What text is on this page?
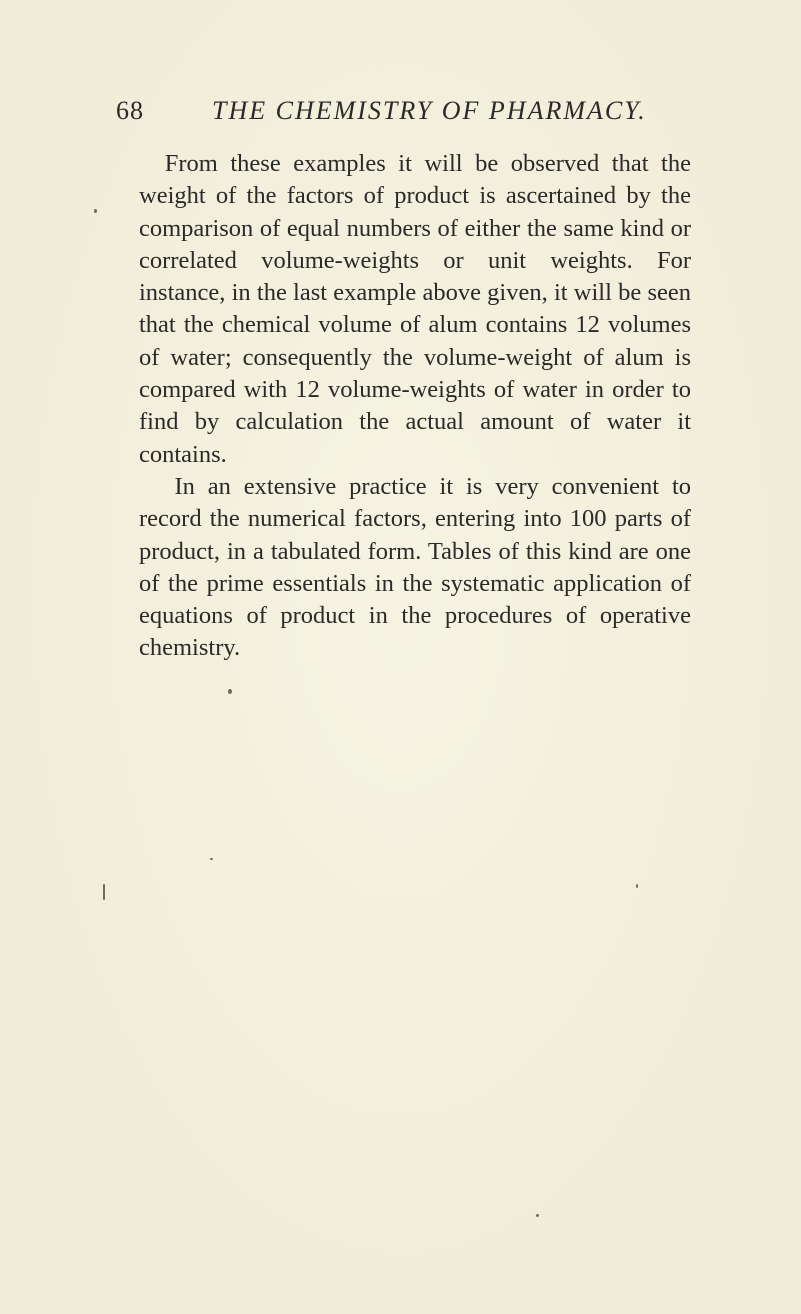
68	THE CHEMISTRY OF PHARMACY.

From these examples it will be observed that the weight of the factors of product is ascertained by the comparison of equal numbers of either the same kind or correlated volume-weights or unit weights. For instance, in the last example above given, it will be seen that the chemical volume of alum contains 12 volumes of water; consequently the volume-weight of alum is compared with 12 volume-weights of water in order to find by calculation the actual amount of water it contains.

In an extensive practice it is very convenient to record the numerical factors, entering into 100 parts of product, in a tabulated form. Tables of this kind are one of the prime essentials in the systematic application of equations of product in the procedures of operative chemistry.
